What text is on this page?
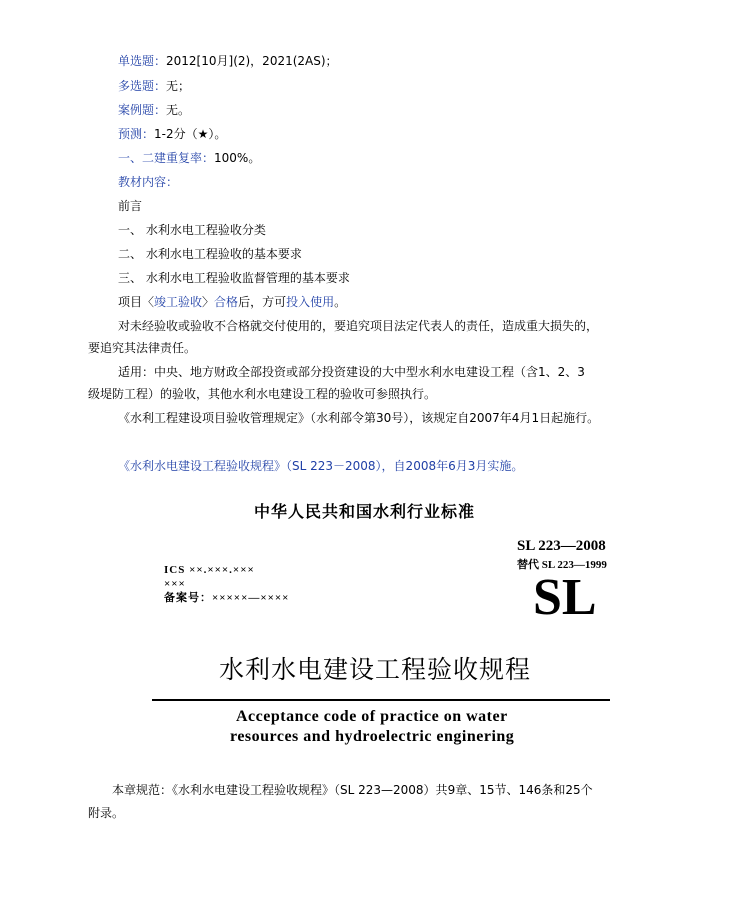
单选题：2012[10月](2)，2021(2AS)；
多选题：无；
案例题：无。
预测：1-2分（★）。
一、二建重复率：100%。
教材内容：
前言
一、 水利水电工程验收分类
二、 水利水电工程验收的基本要求
三、 水利水电工程验收监督管理的基本要求
项目〈竣工验收〉合格后，方可投入使用。
对未经验收或验收不合格就交付使用的，要追究项目法定代表人的责任，造成重大损失的，
要追究其法律责任。
适用：中央、地方财政全部投资或部分投资建设的大中型水利水电建设工程（含1、2、3
级堤防工程）的验收，其他水利水电建设工程的验收可参照执行。
《水利工程建设项目验收管理规定》（水利部令第30号），该规定自2007年4月1日起施行。
《水利水电建设工程验收规程》（SL 223－2008），自2008年6月3月实施。
中华人民共和国水利行业标准
SL 223—2008
替代 SL 223—1999
ICS ××.×××.×××
×××
备案号：×××××—××××	SL
水利水电建设工程验收规程
Acceptance code of practice on water
resources and hydroelectric enginering
本章规范：《水利水电建设工程验收规程》（SL 223—2008）共9章、15节、146条和25个
附录。
